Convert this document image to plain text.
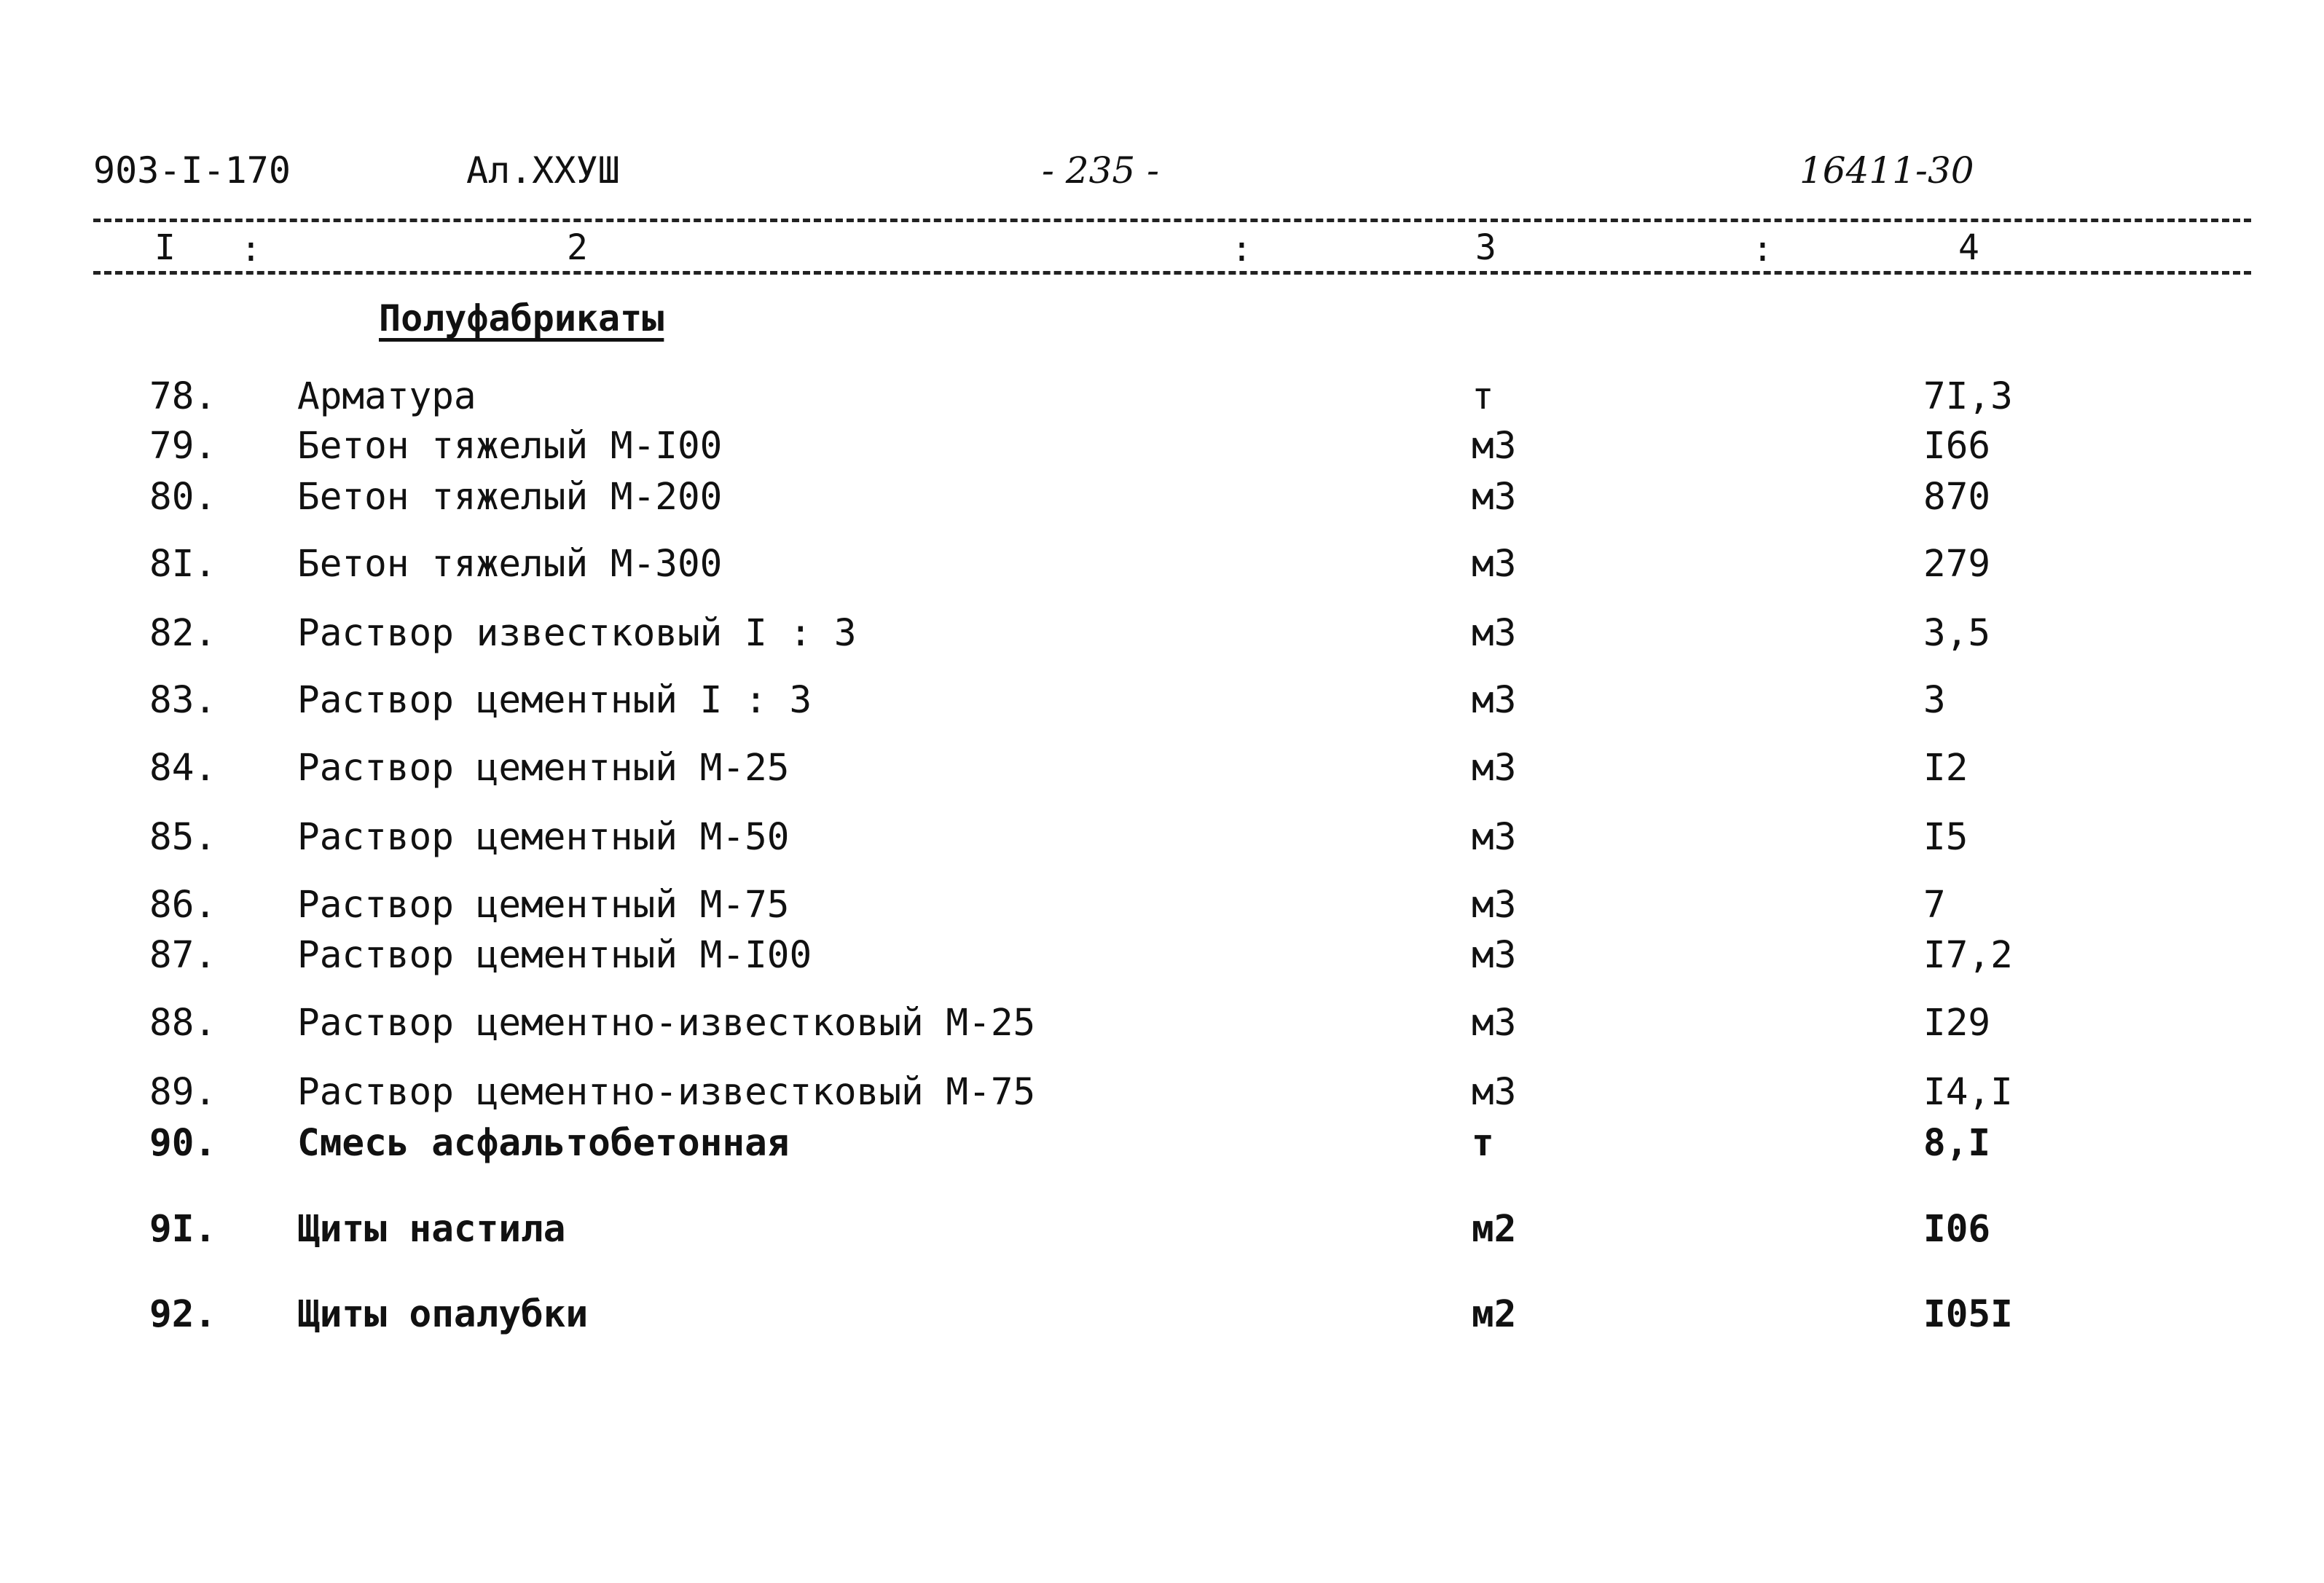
903-I-170	Ал.XXУШ	- 235 -	16411-30
I :	2	:	3	:	4
Полуфабрикаты
78. Арматура	т	7I,3
79. Бетон тяжелый М-I00	м3	I66
80. Бетон тяжелый М-200	м3	870
8I. Бетон тяжелый М-300	м3	279
82. Раствор известковый I : 3	м3	3,5
83. Раствор цементный I : 3	м3	3
84. Раствор цементный М-25	м3	I2
85. Раствор цементный М-50	м3	I5
86. Раствор цементный М-75	м3	7
87. Раствор цементный М-I00	м3	I7,2
88. Раствор цементно-известковый М-25	м3	I29
89. Раствор цементно-известковый М-75	м3	I4,I
90. Смесь асфальтобетонная	т	8,I
9I. Щиты настила	м2	I06
92. Щиты опалубки	м2	I05I
